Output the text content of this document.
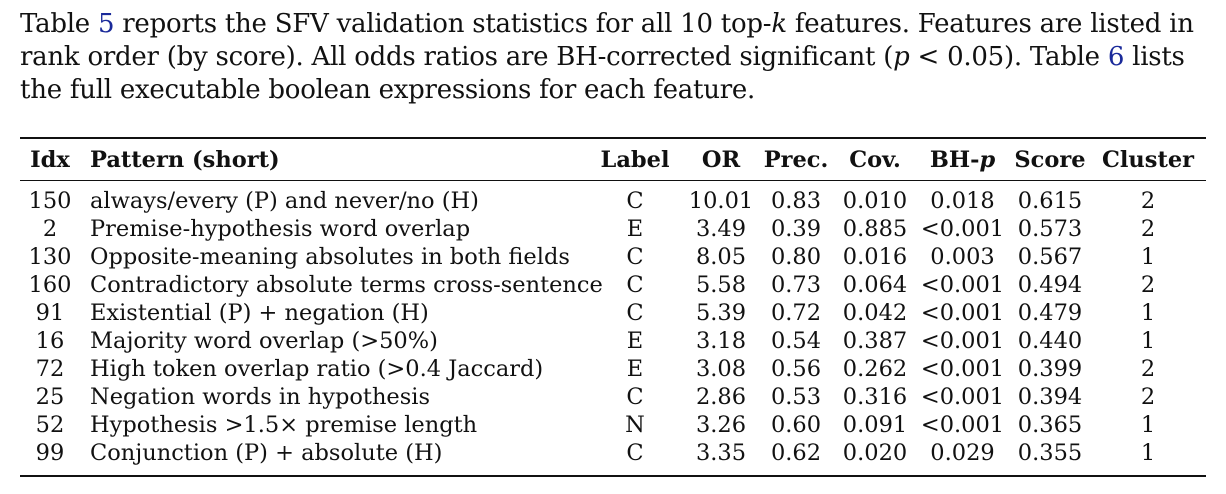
Table 5 reports the SFV validation statistics for all 10 top-k features. Features are listed in rank order (by score). All odds ratios are BH-corrected significant (p < 0.05). Table 6 lists the full executable boolean expressions for each feature.

Idx	Pattern (short)	Label	OR	Prec.	Cov.	BH-p	Score	Cluster
150	always/every (P) and never/no (H)	C	10.01	0.83	0.010	0.018	0.615	2
2	Premise-hypothesis word overlap	E	3.49	0.39	0.885	<0.001	0.573	2
130	Opposite-meaning absolutes in both fields	C	8.05	0.80	0.016	0.003	0.567	1
160	Contradictory absolute terms cross-sentence	C	5.58	0.73	0.064	<0.001	0.494	2
91	Existential (P) + negation (H)	C	5.39	0.72	0.042	<0.001	0.479	1
16	Majority word overlap (>50%)	E	3.18	0.54	0.387	<0.001	0.440	1
72	High token overlap ratio (>0.4 Jaccard)	E	3.08	0.56	0.262	<0.001	0.399	2
25	Negation words in hypothesis	C	2.86	0.53	0.316	<0.001	0.394	2
52	Hypothesis >1.5× premise length	N	3.26	0.60	0.091	<0.001	0.365	1
99	Conjunction (P) + absolute (H)	C	3.35	0.62	0.020	0.029	0.355	1
